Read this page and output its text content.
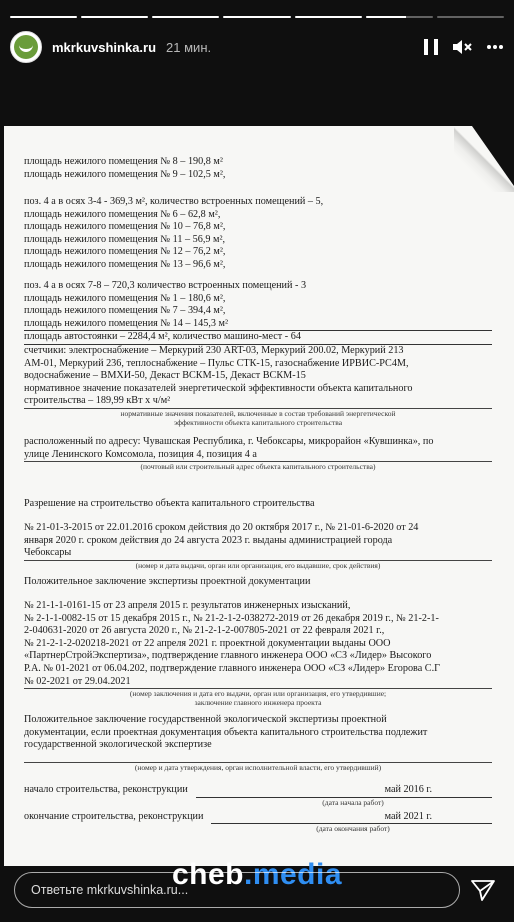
mkrkuvshinka.ru 21 мин.
площадь нежилого помещения № 8 – 190,8 м²
площадь нежилого помещения № 9 – 102,5 м²,
поз. 4 а в осях 3-4 - 369,3 м², количество встроенных помещений – 5,
площадь нежилого помещения № 6 – 62,8 м²,
площадь нежилого помещения № 10 – 76,8 м²,
площадь нежилого помещения № 11 – 56,9 м²,
площадь нежилого помещения № 12 – 76,2 м²,
площадь нежилого помещения № 13 – 96,6 м²,
поз. 4 а в осях 7-8 – 720,3 количество встроенных помещений - 3
площадь нежилого помещения № 1 – 180,6 м²,
площадь нежилого помещения № 7 – 394,4 м²,
площадь нежилого помещения № 14 – 145,3 м²
площадь автостоянки – 2284,4 м², количество машино-мест - 64
счетчики: электроснабжение – Меркурий 230 ART-03, Меркурий 200.02, Меркурий 213
AM-01, Меркурий 236, теплоснабжение – Пульс СТК-15, газоснабжение ИРВИС-РС4М,
водоснабжение – ВМХИ-50, Декаст ВСКМ-15, Декаст ВСКМ-15
нормативное значение показателей энергетической эффективности объекта капитального
строительства – 189,99 кВт х ч/м²
нормативные значения показателей, включенные в состав требований энергетической
эффективности объекта капитального строительства
расположенный по адресу: Чувашская Республика, г. Чебоксары, микрорайон «Кувшинка», по
улице Ленинского Комсомола, позиция 4, позиция 4 а
(почтовый или строительный адрес объекта капитального строительства)
Разрешение на строительство объекта капитального строительства
№ 21-01-3-2015 от 22.01.2016 сроком действия до 20 октября 2017 г., № 21-01-6-2020 от 24
января 2020 г. сроком действия до 24 августа 2023 г. выданы администрацией города
Чебоксары
(номер и дата выдачи, орган или организация, его выдавшие, срок действия)
Положительное заключение экспертизы проектной документации
№ 21-1-1-0161-15 от 23 апреля 2015 г. результатов инженерных изысканий,
№ 2-1-1-0082-15 от 15 декабря 2015 г., № 21-2-1-2-038272-2019 от 26 декабря 2019 г., № 21-2-1-
2-040631-2020 от 26 августа 2020 г., № 21-2-1-2-007805-2021 от 22 февраля 2021 г.,
№ 21-2-1-2-020218-2021 от 22 апреля 2021 г. проектной документации выданы ООО
«ПартнерСтройЭкспертиза», подтверждение главного инженера ООО «СЗ «Лидер» Высокого
Р.А. № 01-2021 от 06.04.202, подтверждение главного инженера ООО «СЗ «Лидер» Егорова С.Г
№ 02-2021 от 29.04.2021
(номер заключения и дата его выдачи, орган или организация, его утвердившие;
заключение главного инженера проекта
Положительное заключение государственной экологической экспертизы проектной
документации, если проектная документация объекта капитального строительства подлежит
государственной экологической экспертизе
(номер и дата утверждения, орган исполнительной власти, его утвердивший)
начало строительства, реконструкции	май 2016 г.
(дата начала работ)
окончание строительства, реконструкции	май 2021 г.
(дата окончания работ)
cheb.media
Ответьте mkrkuvshinka.ru...
